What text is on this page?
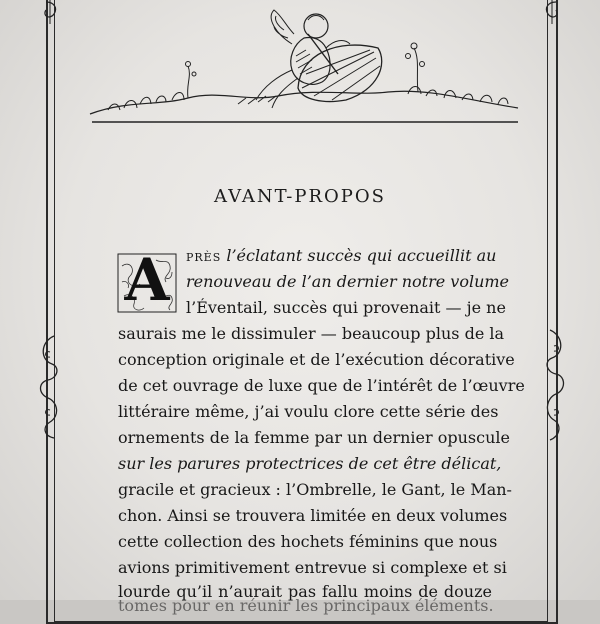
AVANT-PROPOS
A	près l’éclatant succès qui accueillit au
renouveau de l’an dernier notre volume
l’Éventail, succès qui provenait — je ne
saurais me le dissimuler — beaucoup plus de la
conception originale et de l’exécution décorative
de cet ouvrage de luxe que de l’intérêt de l’œuvre
littéraire même, j’ai voulu clore cette série des
ornements de la femme par un dernier opuscule
sur les parures protectrices de cet être délicat,
gracile et gracieux : l’Ombrelle, le Gant, le Man-
chon. Ainsi se trouvera limitée en deux volumes
cette collection des hochets féminins que nous
avions primitivement entrevue si complexe et si
lourde qu’il n’aurait pas fallu moins de douze
tomes pour en réunir les principaux éléments.
